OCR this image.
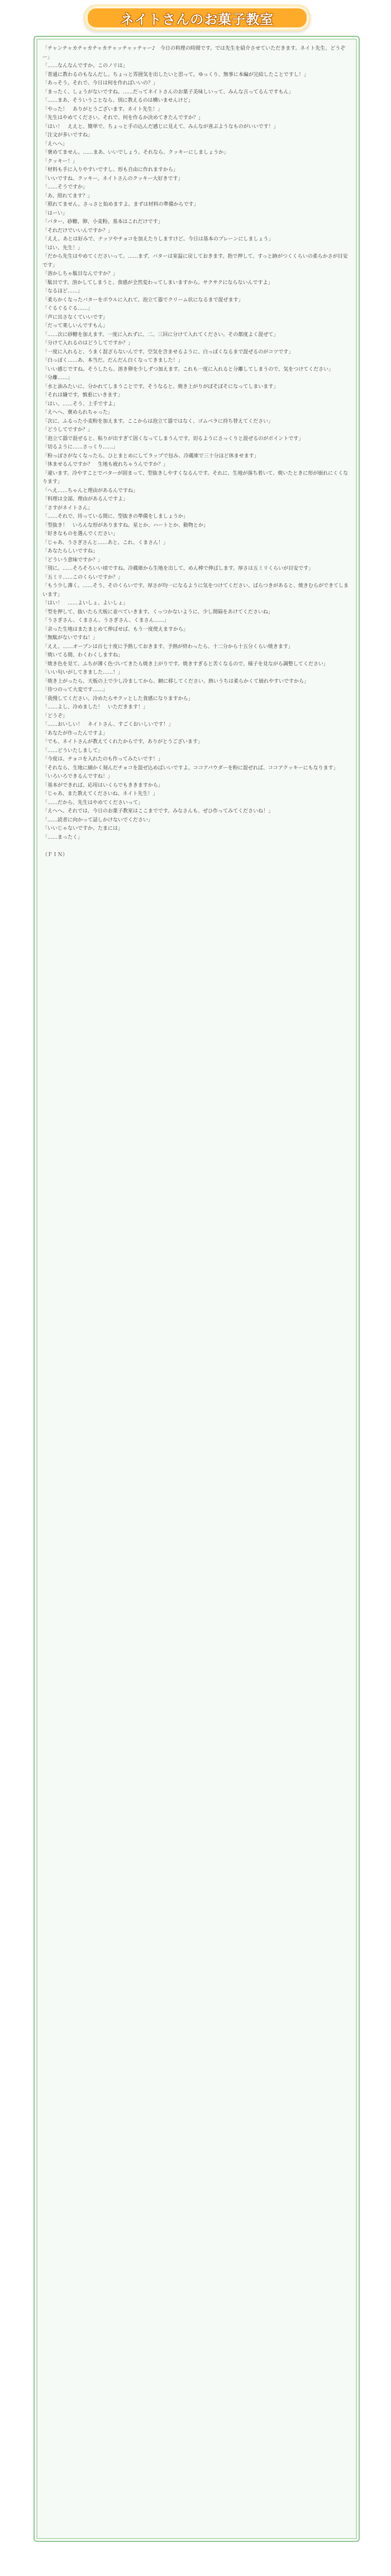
ネイトさんのお菓子教室
「チャンチャカチャカチャカチャッチャッチャー♪　今日の料理の時間です。では先生を紹介させていただきます。ネイト先生、どうぞー」
「……なんなんですか、このノリは」
「普通に教わるのもなんだし。ちょっと雰囲気を出したいと思って。ゆっくり、無事に本編が完結したことですし！」
「あっそう。それで、今日は何を作ればいいの？」
「まったく、しょうがないですね。……だってネイトさんのお菓子美味しいって、みんな言ってるんですもん」
「……まあ、そういうことなら、別に教えるのは構いませんけど」
「やった！　ありがとうございます、ネイト先生！」
「先生はやめてください。それで、何を作るか決めてきたんですか？」
「はい！　ええと、簡単で、ちょっと手の込んだ感じに見えて、みんなが喜ぶようなものがいいです！」
「注文が多いですね」
「えへへ」
「褒めてません。……まあ、いいでしょう。それなら、クッキーにしましょうか」
「クッキー！」
「材料も手に入りやすいですし、形も自由に作れますから」
「いいですね、クッキー。ネイトさんのクッキー大好きです」
「……そうですか」
「あ、照れてます？」
「照れてません。さっさと始めますよ。まずは材料の準備からです」
「はーい」
「バター、砂糖、卵、小麦粉。基本はこれだけです」
「それだけでいいんですか？」
「ええ。あとは好みで、ナッツやチョコを加えたりしますけど。今日は基本のプレーンにしましょう」
「はい、先生！」
「だから先生はやめてくださいって。……まず、バターは室温に戻しておきます。指で押して、すっと跡がつくくらいの柔らかさが目安です」
「溶かしちゃ駄目なんですか？」
「駄目です。溶かしてしまうと、食感が全然変わってしまいますから。サクサクにならないんですよ」
「なるほど……」
「柔らかくなったバターをボウルに入れて、泡立て器でクリーム状になるまで混ぜます」
「ぐるぐるぐる……」
「声に出さなくていいです」
「だって楽しいんですもん」
「……次に砂糖を加えます。一度に入れずに、二、三回に分けて入れてください。その都度よく混ぜて」
「分けて入れるのはどうしてですか？」
「一度に入れると、うまく混ざらないんです。空気を含ませるように、白っぽくなるまで混ぜるのがコツです」
「白っぽく……あ、本当だ。だんだん白くなってきました！」
「いい感じですね。そうしたら、溶き卵を少しずつ加えます。これも一度に入れると分離してしまうので、気をつけてください」
「分離……」
「水と油みたいに、分かれてしまうことです。そうなると、焼き上がりがぼそぼそになってしまいます」
「それは嫌です。慎重にいきます」
「はい。……そう、上手ですよ」
「えへへ、褒められちゃった」
「次に、ふるった小麦粉を加えます。ここからは泡立て器ではなく、ゴムベラに持ち替えてください」
「どうしてですか？」
「泡立て器で混ぜると、粘りが出すぎて固くなってしまうんです。切るようにさっくりと混ぜるのがポイントです」
「切るように……さっくり……」
「粉っぽさがなくなったら、ひとまとめにしてラップで包み、冷蔵庫で三十分ほど休ませます」
「休ませるんですか？　生地も疲れちゃうんですか？」
「違います。冷やすことでバターが固まって、型抜きしやすくなるんです。それに、生地が落ち着いて、焼いたときに形が崩れにくくなります」
「へえ……ちゃんと理由があるんですね」
「料理は全部、理由があるんですよ」
「さすがネイトさん」
「……それで、待っている間に、型抜きの準備をしましょうか」
「型抜き！　いろんな形がありますね。星とか、ハートとか、動物とか」
「好きなものを選んでください」
「じゃあ、うさぎさんと……あと、これ、くまさん！」
「あなたらしいですね」
「どういう意味ですか？」
「別に。……そろそろいい頃ですね。冷蔵庫から生地を出して、めん棒で伸ばします。厚さは五ミリくらいが目安です」
「五ミリ……このくらいですか？」
「もう少し薄く。……そう、そのくらいです。厚さが均一になるように気をつけてください。ばらつきがあると、焼きむらができてしまいます」
「はい！　……よいしょ、よいしょ」
「型を押して、抜いたら天板に並べていきます。くっつかないように、少し間隔をあけてくださいね」
「うさぎさん、くまさん、うさぎさん、くまさん……」
「余った生地はまたまとめて伸ばせば、もう一度使えますから」
「無駄がないですね！」
「ええ。……オーブンは百七十度に予熱しておきます。予熱が終わったら、十二分から十五分くらい焼きます」
「焼いてる間、わくわくしますね」
「焼き色を見て、ふちが薄く色づいてきたら焼き上がりです。焼きすぎると苦くなるので、様子を見ながら調整してください」
「いい匂いがしてきました……！」
「焼き上がったら、天板の上で少し冷ましてから、網に移してください。熱いうちは柔らかくて崩れやすいですから」
「待つのって大変です……」
「我慢してください。冷めたらサクッとした食感になりますから」
「……よし、冷めました！　いただきます！」
「どうぞ」
「……おいしい！　ネイトさん、すごくおいしいです！」
「あなたが作ったんですよ」
「でも、ネイトさんが教えてくれたからです。ありがとうございます」
「……どういたしまして」
「今度は、チョコを入れたのも作ってみたいです！」
「それなら、生地に細かく刻んだチョコを混ぜ込めばいいですよ。ココアパウダーを粉に混ぜれば、ココアクッキーにもなります」
「いろいろできるんですね！」
「基本ができれば、応用はいくらでもききますから」
「じゃあ、また教えてくださいね、ネイト先生！」
「……だから、先生はやめてくださいって」
「えへへ。それでは、今日のお菓子教室はここまでです。みなさんも、ぜひ作ってみてくださいね！」
「……読者に向かって話しかけないでください」
「いいじゃないですか、たまには」
「……まったく」
（ＦＩＮ）
